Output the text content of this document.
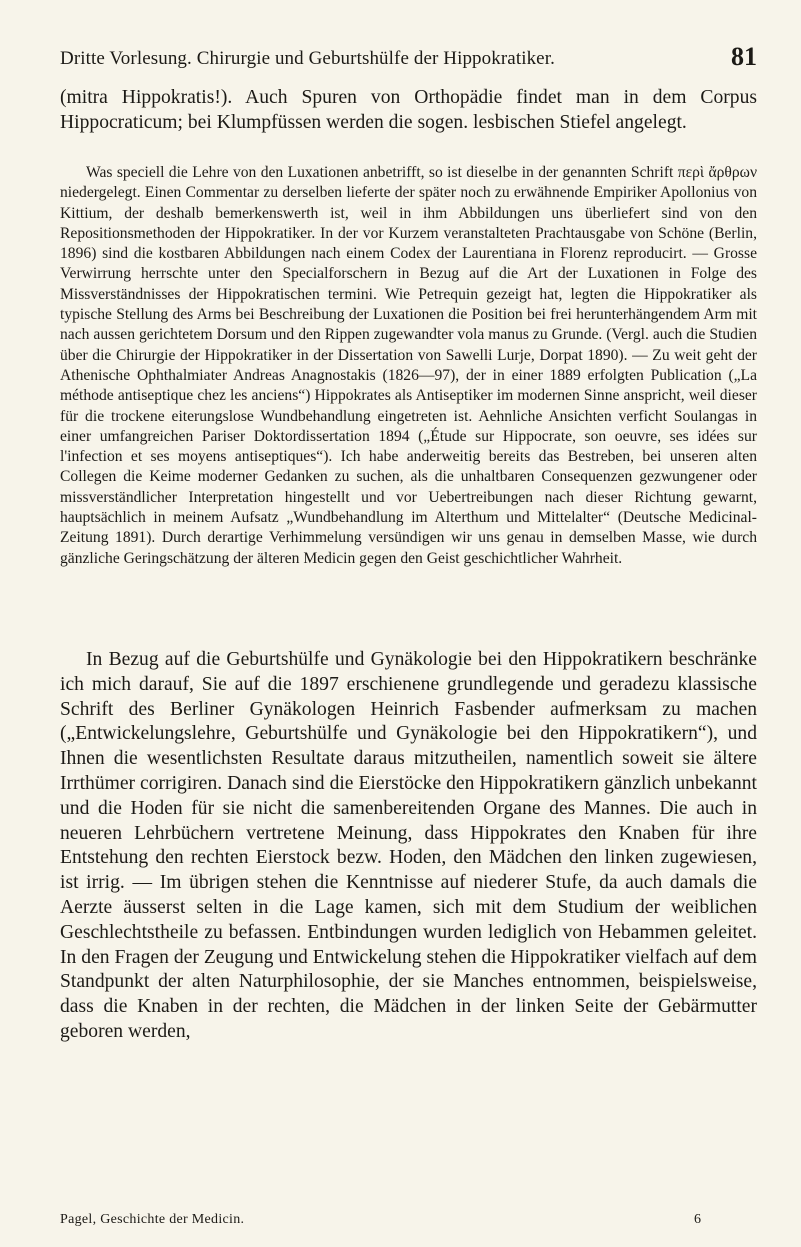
Dritte Vorlesung. Chirurgie und Geburtshülfe der Hippokratiker.	81

(mitra Hippokratis!). Auch Spuren von Orthopädie findet man in dem Corpus Hippocraticum; bei Klumpfüssen werden die sogen. lesbischen Stiefel angelegt.

Was speciell die Lehre von den Luxationen anbetrifft, so ist dieselbe in der genannten Schrift περὶ ἄρθρων niedergelegt. Einen Commentar zu derselben lieferte der später noch zu erwähnende Empiriker Apollonius von Kittium, der deshalb bemerkenswerth ist, weil in ihm Abbildungen uns überliefert sind von den Repositionsmethoden der Hippokratiker. In der vor Kurzem veranstalteten Prachtausgabe von Schöne (Berlin, 1896) sind die kostbaren Abbildungen nach einem Codex der Laurentiana in Florenz reproducirt. — Grosse Verwirrung herrschte unter den Specialforschern in Bezug auf die Art der Luxationen in Folge des Missverständnisses der Hippokratischen termini. Wie Petrequin gezeigt hat, legten die Hippokratiker als typische Stellung des Arms bei Beschreibung der Luxationen die Position bei frei herunterhängendem Arm mit nach aussen gerichtetem Dorsum und den Rippen zugewandter vola manus zu Grunde. (Vergl. auch die Studien über die Chirurgie der Hippokratiker in der Dissertation von Sawelli Lurje, Dorpat 1890). — Zu weit geht der Athenische Ophthalmiater Andreas Anagnostakis (1826—97), der in einer 1889 erfolgten Publication („La méthode antiseptique chez les anciens“) Hippokrates als Antiseptiker im modernen Sinne anspricht, weil dieser für die trockene eiterungslose Wundbehandlung eingetreten ist. Aehnliche Ansichten verficht Soulangas in einer umfangreichen Pariser Doktordissertation 1894 („Étude sur Hippocrate, son oeuvre, ses idées sur l'infection et ses moyens antiseptiques“). Ich habe anderweitig bereits das Bestreben, bei unseren alten Collegen die Keime moderner Gedanken zu suchen, als die unhaltbaren Consequenzen gezwungener oder missverständlicher Interpretation hingestellt und vor Uebertreibungen nach dieser Richtung gewarnt, hauptsächlich in meinem Aufsatz „Wundbehandlung im Alterthum und Mittelalter“ (Deutsche Medicinal-Zeitung 1891). Durch derartige Verhimmelung versündigen wir uns genau in demselben Masse, wie durch gänzliche Geringschätzung der älteren Medicin gegen den Geist geschichtlicher Wahrheit.

In Bezug auf die Geburtshülfe und Gynäkologie bei den Hippokratikern beschränke ich mich darauf, Sie auf die 1897 erschienene grundlegende und geradezu klassische Schrift des Berliner Gynäkologen Heinrich Fasbender aufmerksam zu machen („Entwickelungslehre, Geburtshülfe und Gynäkologie bei den Hippokratikern“), und Ihnen die wesentlichsten Resultate daraus mitzutheilen, namentlich soweit sie ältere Irrthümer corrigiren. Danach sind die Eierstöcke den Hippokratikern gänzlich unbekannt und die Hoden für sie nicht die samenbereitenden Organe des Mannes. Die auch in neueren Lehrbüchern vertretene Meinung, dass Hippokrates den Knaben für ihre Entstehung den rechten Eierstock bezw. Hoden, den Mädchen den linken zugewiesen, ist irrig. — Im übrigen stehen die Kenntnisse auf niederer Stufe, da auch damals die Aerzte äusserst selten in die Lage kamen, sich mit dem Studium der weiblichen Geschlechtstheile zu befassen. Entbindungen wurden lediglich von Hebammen geleitet. In den Fragen der Zeugung und Entwickelung stehen die Hippokratiker vielfach auf dem Standpunkt der alten Naturphilosophie, der sie Manches entnommen, beispielsweise, dass die Knaben in der rechten, die Mädchen in der linken Seite der Gebärmutter geboren werden,

Pagel, Geschichte der Medicin.	6
